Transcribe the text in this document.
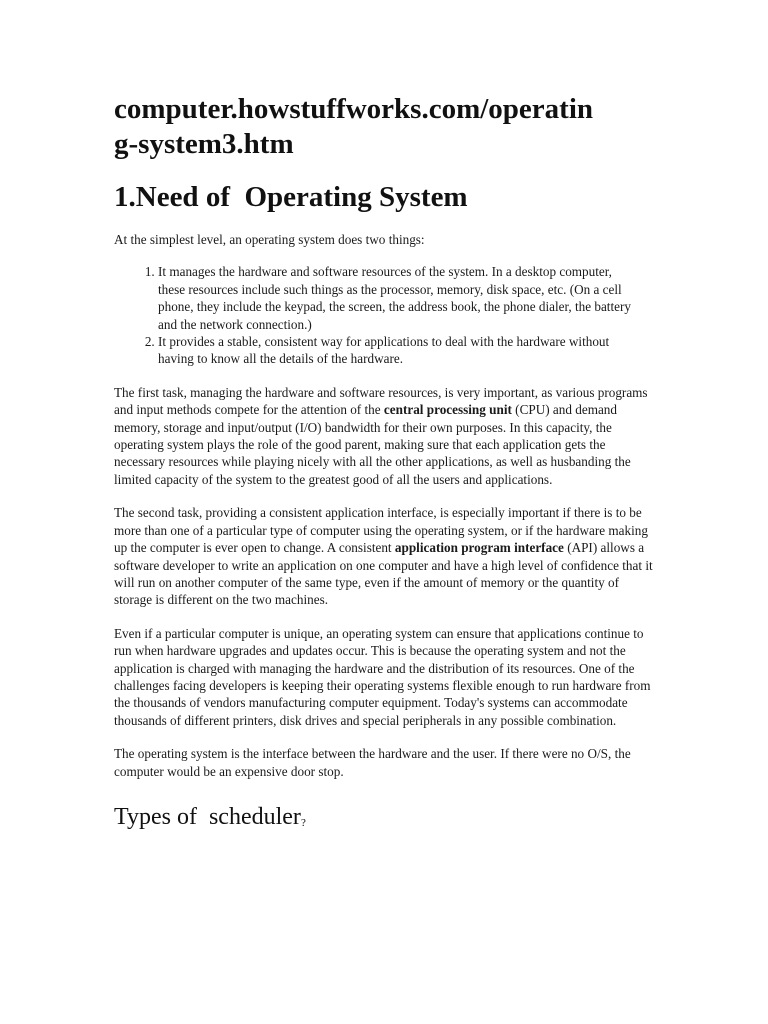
computer.howstuffworks.com/operatin
g-system3.htm
1.Need of  Operating System

At the simplest level, an operating system does two things:

1. It manages the hardware and software resources of the system. In a desktop computer, these resources include such things as the processor, memory, disk space, etc. (On a cell phone, they include the keypad, the screen, the address book, the phone dialer, the battery and the network connection.)
2. It provides a stable, consistent way for applications to deal with the hardware without having to know all the details of the hardware.

The first task, managing the hardware and software resources, is very important, as various programs and input methods compete for the attention of the central processing unit (CPU) and demand memory, storage and input/output (I/O) bandwidth for their own purposes. In this capacity, the operating system plays the role of the good parent, making sure that each application gets the necessary resources while playing nicely with all the other applications, as well as husbanding the limited capacity of the system to the greatest good of all the users and applications.

The second task, providing a consistent application interface, is especially important if there is to be more than one of a particular type of computer using the operating system, or if the hardware making up the computer is ever open to change. A consistent application program interface (API) allows a software developer to write an application on one computer and have a high level of confidence that it will run on another computer of the same type, even if the amount of memory or the quantity of storage is different on the two machines.

Even if a particular computer is unique, an operating system can ensure that applications continue to run when hardware upgrades and updates occur. This is because the operating system and not the application is charged with managing the hardware and the distribution of its resources. One of the challenges facing developers is keeping their operating systems flexible enough to run hardware from the thousands of vendors manufacturing computer equipment. Today's systems can accommodate thousands of different printers, disk drives and special peripherals in any possible combination.

The operating system is the interface between the hardware and the user. If there were no O/S, the computer would be an expensive door stop.

Types of  scheduler?
